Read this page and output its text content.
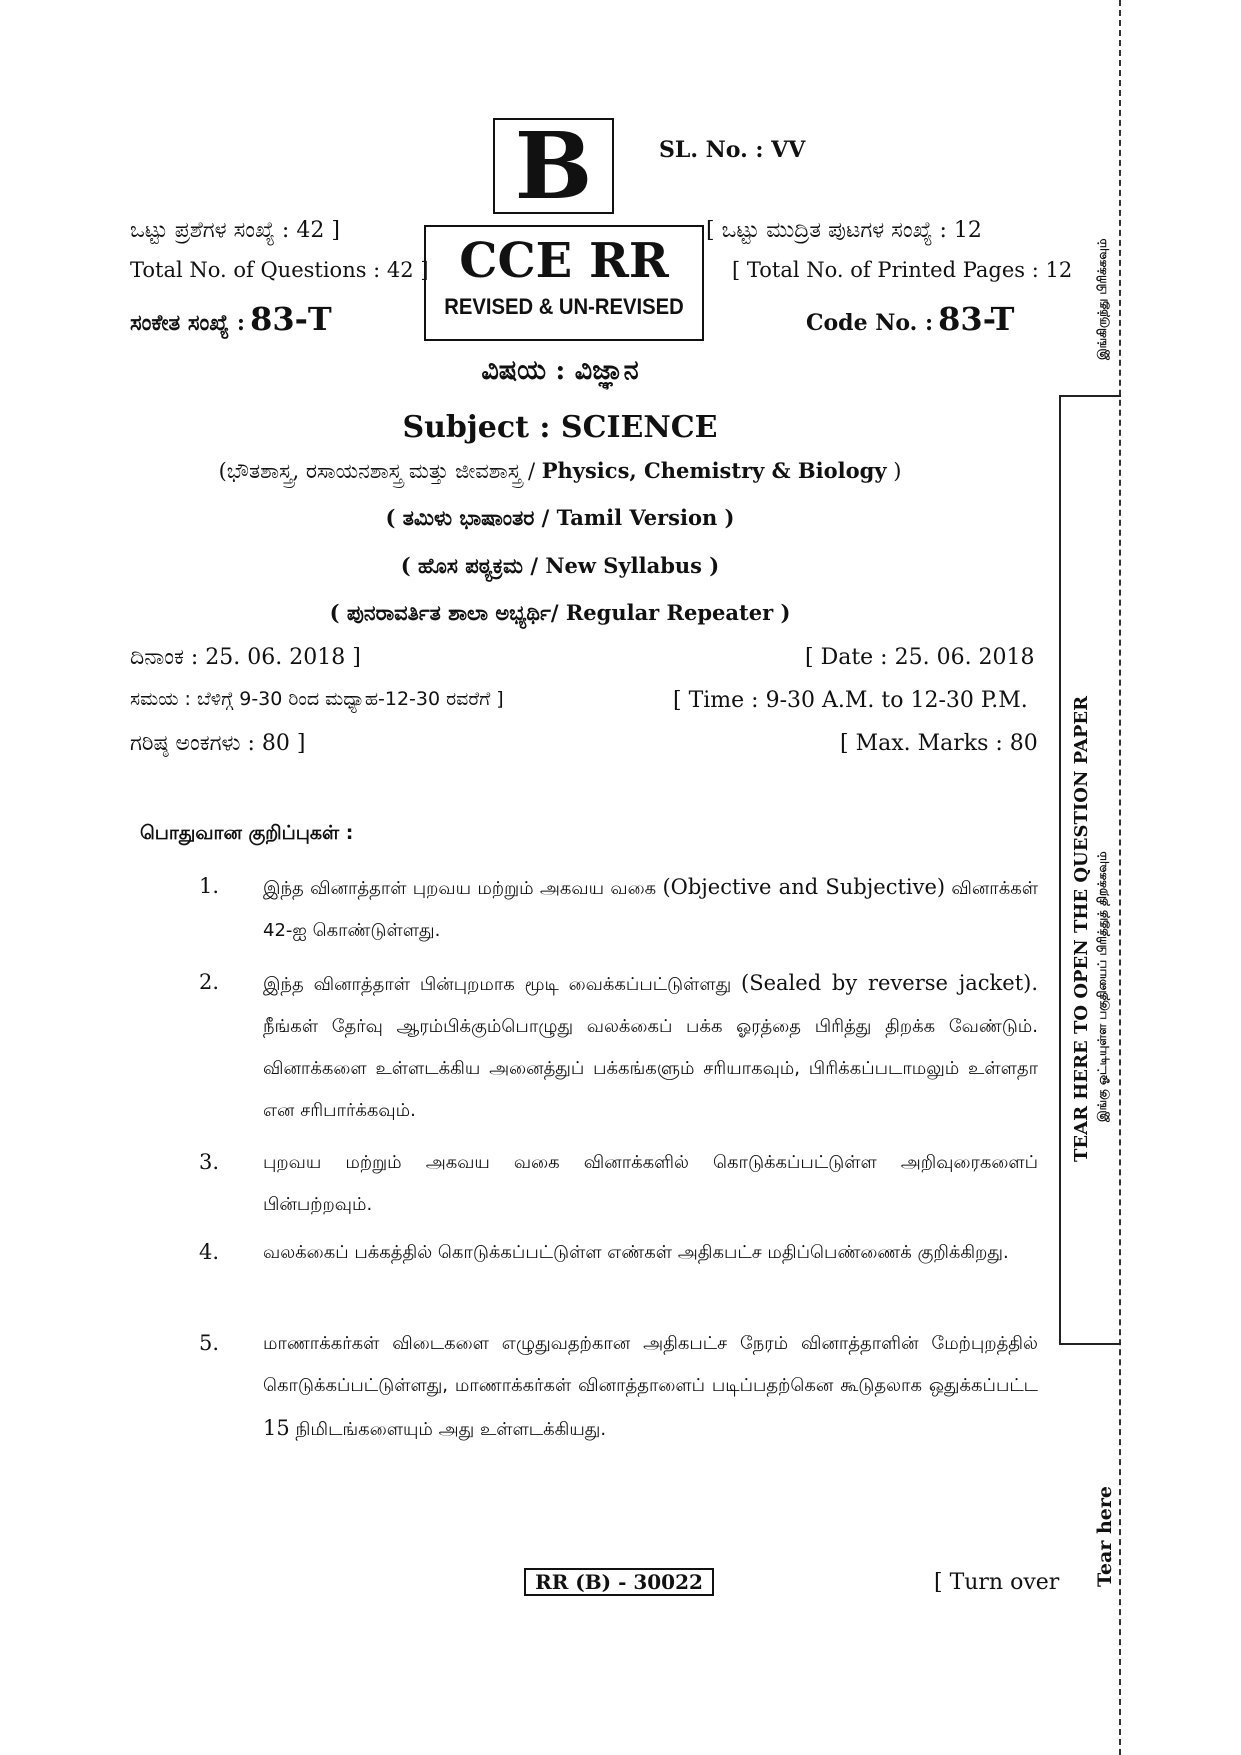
B	SL. No. : VV
CCE RR
REVISED & UN-REVISED
ಒಟ್ಟು ಪ್ರಶೆಗಳ ಸಂಖ್ಯೆ : 42 ]
Total No. of Questions : 42 ]
ಸಂಕೇತ ಸಂಖ್ಯೆ : 83-T
[ ಒಟ್ಟು ಮುದ್ರಿತ ಪುಟಗಳ ಸಂಖ್ಯೆ : 12
[ Total No. of Printed Pages : 12
Code No. : 83-T
ವಿಷಯ : ವಿಜ್ಞಾನ
Subject : SCIENCE
(ಭೌತಶಾಸ್ತ್ರ, ರಸಾಯನಶಾಸ್ತ್ರ ಮತ್ತು ಜೀವಶಾಸ್ತ್ರ / Physics, Chemistry & Biology )
( ತಮಿಳು ಭಾಷಾಂತರ / Tamil Version )
( ಹೊಸ ಪಠ್ಯಕ್ರಮ / New Syllabus )
( ಪುನರಾವರ್ತಿತ ಶಾಲಾ ಅಭ್ಯರ್ಥಿ/ Regular Repeater )
ದಿನಾಂಕ : 25. 06. 2018 ]	[ Date : 25. 06. 2018
ಸಮಯ : ಬೆಳಿಗ್ಗೆ 9-30 ರಿಂದ ಮಧ್ಯಾಹ-12-30 ರವರೆಗೆ ]	[ Time : 9-30 A.M. to 12-30 P.M.
ಗರಿಷ್ಠ ಅಂಕಗಳು : 80 ]	[ Max. Marks : 80
பொதுவான குறிப்புகள் :
1. இந்த வினாத்தாள் புறவய மற்றும் அகவய வகை (Objective and Subjective) வினாக்கள் 42-ஐ கொண்டுள்ளது.
2. இந்த வினாத்தாள் பின்புறமாக மூடி வைக்கப்பட்டுள்ளது (Sealed by reverse jacket). நீங்கள் தேர்வு ஆரம்பிக்கும்பொழுது வலக்கைப் பக்க ஓரத்தை பிரித்து திறக்க வேண்டும். வினாக்களை உள்ளடக்கிய அனைத்துப் பக்கங்களும் சரியாகவும், பிரிக்கப்படாமலும் உள்ளதா என சரிபார்க்கவும்.
3. புறவய மற்றும் அகவய வகை வினாக்களில் கொடுக்கப்பட்டுள்ள அறிவுரைகளைப் பின்பற்றவும்.
4. வலக்கைப் பக்கத்தில் கொடுக்கப்பட்டுள்ள எண்கள் அதிகபட்ச மதிப்பெண்ணைக் குறிக்கிறது.
5. மாணாக்கர்கள் விடைகளை எழுதுவதற்கான அதிகபட்ச நேரம் வினாத்தாளின் மேற்புறத்தில் கொடுக்கப்பட்டுள்ளது, மாணாக்கர்கள் வினாத்தாளைப் படிப்பதற்கென கூடுதலாக ஒதுக்கப்பட்ட 15 நிமிடங்களையும் அது உள்ளடக்கியது.
RR (B) - 30022	[ Turn over
இங்கிருந்து பிரிக்கவும்
TEAR HERE TO OPEN THE QUESTION PAPER இங்கு ஓட்டியுள்ள பகுதியைப் பிரித்துத் திறக்கவும்
Tear here
